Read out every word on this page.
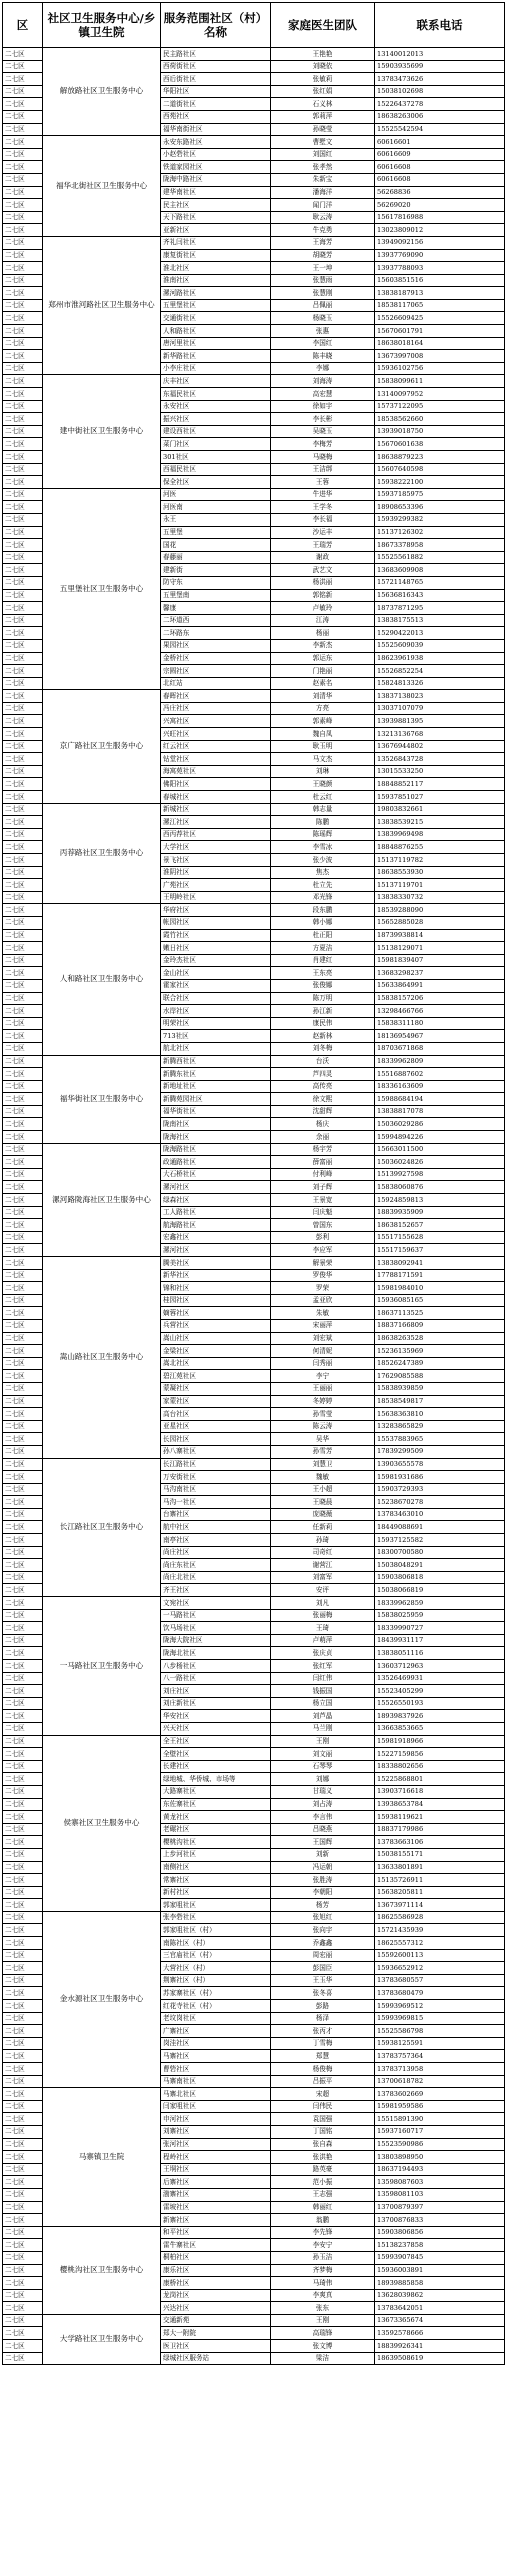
区	社区卫生服务中心/乡镇卫生院	服务范围社区（村）名称	家庭医生团队	联系电话
二七区	解放路社区卫生服务中心	民主路社区	王艳艳	13140012013
二七区		西荷街社区	刘晓依	15903935699
二七区		西后街社区	张敏莉	13783473626
二七区		华阳社区	张红娟	15038102698
二七区		二道街社区	石义林	15226437278
二七区		西苑社区	郭莉萍	18638263006
二七区		福华南街社区	孙晓莹	15525542594
二七区	福华北街社区卫生服务中心	永安东路社区	曹墅文	60616601
二七区		小赵砦社区	刘国红	60616609
二七区		铁道家园社区	张孝然	60616608
二七区		陇海中路社区	朱新宝	60616608
二七区		建华南社区	潘海洋	56268836
二七区		民主社区	闻门洋	56269020
二七区		天下路社区	耿云涛	15617816988
二七区		亚新社区	牛克勇	13023809012
二七区	郑州市淮河路社区卫生服务中心	齐礼闫社区	王海芳	13949092156
二七区		康复街社区	胡晓芳	13937769090
二七区		淮北社区	王一坤	13937788093
二七区		淮南社区	张慧雨	15603851516
二七区		漯河路社区	张慧刚	13838187913
二七区		五里堡社区	吕佩丽	18538117065
二七区		交通街社区	杨晓玉	15526609425
二七区		人和路社区	张惠	15670601791
二七区		唐河里社区	李国红	18638018164
二七区		新华路社区	陈丰晓	13673997008
二七区		小李庄社区	李娜	15936102756
二七区	建中街社区卫生服务中心	庆丰社区	刘海涛	15838099611
二七区		东福民社区	高宏慧	13140097952
二七区		永安社区	徐如宇	15737122095
二七区		振兴社区	李长彬	18538562660
二七区		建设西社区	吴晓玉	13939018750
二七区		菜门社区	李梅芳	15670601638
二七区		301社区	马晓梅	18638879223
二七区		西福民社区	王洁绑	15607640598
二七区		保全社区	王蓉	15938222100
二七区	五里堡社区卫生服务中心	河医	牛进华	15937185975
二七区		河医南	王学冬	18908653396
二七区		永王	李长福	15939299382
二七区		五里堡	沙运丰	15137126302
二七区		国花	王瑞芳	18673378958
二七区		春藤丽	谢政	15525561882
二七区		建新街	武艺文	13683609908
二七区		防守东	杨洪丽	15721148765
二七区		五里堡南	郭铭新	15636816343
二七区		馨康	卢敏玲	18737871295
二七区		二环道西	江涛	13838175513
二七区		二环路东	杨丽	15290422013
二七区		果园社区	李新杰	15525609039
二七区		金桥社区	郭运东	18623961938
二七区		宗圆社区	门艳丽	15526852254
二七区		北红站	赵素名	15824813326
二七区	京广路社区卫生服务中心	春晖社区	刘清华	13837138023
二七区		冯庄社区	方亮	13037107079
二七区		兴寓社区	郭素峰	13939881395
二七区		兴旺社区	魏自凤	13213136768
二七区		红云社区	耿玉明	13676944802
二七区		钻堂社区	马文杰	13526843728
二七区		海寓苑社区	刘琳	13015533250
二七区		佛阳社区	王晓颜	18848852117
二七区		春城社区	杜云红	15937851027
二七区	丙荐路社区卫生服务中心	新城社区	韩志量	19803832661
二七区		漯江社区	陈鹏	13838539215
二七区		西丙荐社区	陈瑶辉	13839969498
二七区		大学社区	李雪冰	18848876255
二七区		景飞社区	张少波	15137119782
二七区		淮阴社区	焦杰	18638553930
二七区		广苑社区	杜立先	15137119701
二七区		王明岭社区	邓光锋	13838330732
二七区	人和路社区卫生服务中心	华府社区	段东鹏	18539288090
二七区		帐园社区	韩小娜	15652885028
二七区		霞竹社区	杜正阳	18739938814
二七区		嫩日社区	方夏洁	15138129071
二七区		金玲杰社区	肖建红	15981839407
二七区		金山社区	王东亮	13683298237
二七区		霍家社区	张俊娜	15633864991
二七区		联合社区	陈万明	15838157206
二七区		水岸社区	孙江新	13298466766
二七区		明荣社区	康民伟	15838311180
二七区		713社区	赵新林	18136954967
二七区		航北社区	刘冬梅	18703671868
二七区	福华街社区卫生服务中心	新腾西社区	台沃	18339962809
二七区		新腾东社区	芦四灵	15516887602
二七区		新地址社区	高传亮	18336163609
二七区		新腾苑园社区	徐文熙	15988684194
二七区		福华街社区	沈甜辉	13838817078
二七区		陇南社区	杨庆	15036029286
二七区		陇海社区	余丽	15994894226
二七区	漯河路陇海社区卫生服务中心	陇海路社区	杨宇芳	15663011500
二七区		政通路社区	薛富丽	15036024826
二七区		大石桥社区	付利峰	15139927598
二七区		漯河社区	刘子辉	15838060876
二七区		绿森社区	王景宽	15924859813
二七区		工人路社区	闫庆魁	18839935909
二七区		航海路社区	曾国东	18638152657
二七区		宏鑫社区	彭利	15517155628
二七区		漯河社区	李应军	15517159637
二七区	嵩山路社区卫生服务中心	腾美社区	解景荣	13838092941
二七区		新华社区	罗俊华	17788171591
二七区		锦和社区	罗荣	15981984010
二七区		桂园社区	孟亚欣	15936085165
二七区		嫡蓉社区	朱敏	18637113525
二七区		兵营社区	宋丽萍	18837166809
二七区		嵩山社区	刘宏斌	18638263528
二七区		金梁社区	何清妮	15236135969
二七区		嵩北社区	闫秀丽	18526247389
二七区		碧江苑社区	李宁	17629085588
二七区		蒙凝社区	王丽丽	15838939859
二七区		家蒙社区	冬婷婷	18538549817
二七区		高台社区	孙雪莹	15638363810
二七区		亚星社区	陈云涛	13283865829
二七区		长园社区	吴华	15537883965
二七区		孙八寨社区	孙雪芳	17839299509
二七区	长江路社区卫生服务中心	长江路社区	刘慧卫	13903655578
二七区		万安街社区	魏敏	15981931686
二七区		马沟南社区	王小超	15903729393
二七区		马沟一社区	王晓晨	15238670278
二七区		台寨社区	庞晓薇	13783463010
二七区		航中社区	任新莉	18449088691
二七区		南亭社区	孙琦	15937125582
二七区		尚庄社区	司奇红	18300700580
二七区		尚庄东社区	谢营江	15038048291
二七区		尚庄北社区	刘富军	15903806818
二七区		齐王社区	安评	15038066819
二七区	一马路社区卫生服务中心	文宛社区	刘凡	18339962859
二七区		一马路社区	张丽梅	15838025959
二七区		饮马场社区	王琦	18339990727
二七区		陇海大院社区	卢萌萍	18439931117
二七区		陇海北社区	张庆贞	13838051116
二七区		八步杨社区	张红军	13603712963
二七区		八一路社区	闫红伟	13526469931
二七区		刘庄社区	钱振国	15523405299
二七区		刘庄新社区	杨立国	15526550193
二七区		华安社区	刘芦晶	18939837926
二七区		兴天社区	马兰刚	13663853665
二七区	侯寨社区卫生服务中心	全王社区	王刚	15981918966
二七区		全壁社区	刘文丽	15227159856
二七区		长建社区	石琴琴	18338802656
二七区		绿地城、华侨城、市场等	刘娜	15225868801
二七区		大路寨社区	甘瑞义	13903716618
二七区		东佐寨社区	刘占涛	13938653784
二七区		黄龙社区	李言伟	15938119621
二七区		老碾社区	吕晓燕	18837179986
二七区		樱桃沟社区	王国辉	13783663106
二七区		上步河社区	刘新	15038155171
二七区		南侧社区	冯运朝	13633801891
二七区		常寨社区	张胜涛	15135726911
二七区		新村社区	李朝阳	15638205811
二七区		郭家咀社区	杨芳	13673971114
二七区	金水源社区卫生服务中心	张李砦社区	张旭红	18625586928
二七区		郭家咀社区（村）	张向宇	15721435939
二七区		南陈社区（村）	乔鑫鑫	18625557312
二七区		三官庙社区（村）	周宏丽	15592600113
二七区		大营社区（村）	彭国臣	15936652912
二七区		荆寨社区（村）	王玉华	13783680557
二七区		苏家寨社区（村）	张冬喜	13783680479
二七区		红花寺社区（村）	彭路	15993969512
二七区		老坟岗社区	杨泽	15993969815
二七区		广寨社区	张丙才	15525586798
二七区		岗洼社区	丁雪梅	15938125591
二七区		马寨社区	郑慧	13783757364
二七区		曹砦社区	杨俊梅	13783713958
二七区		马寨南社区	吕振平	13700618782
二七区	马寨镇卫生院	马寨北社区	宋超	13783602669
二七区		闫家咀社区	闫伟民	15981959586
二七区		申河社区	袁国强	15515891390
二七区		刘寨社区	丁国铭	15937160717
二七区		张河社区	张自森	15523590986
二七区		程岭社区	张洪艳	13803898950
二七区		王垌社区	路英豪	18637194493
二七区		后寨社区	范小振	13598087603
二七区		渤寨社区	王志强	13598081103
二七区		雷坡社区	韩丽红	13700879397
二七区		新寨社区	翁鹏	13700876833
二七区	樱桃沟社区卫生服务中心	和平社区	李先锋	15903806856
二七区		雷牛寨社区	李安宁	15138237858
二七区		桐柏社区	孙玉洁	15993907845
二七区		康乐社区	齐梦梅	15936003891
二七区		康桥社区	马琦伟	18939885858
二七区		龙岗社区	李爽真	13628039862
二七区		兴达社区	张东	13783642051
二七区	大学路社区卫生服务中心	交通新苑	王刚	13673365674
二七区		郑大一附院	高瑞锋	13592578666
二七区		医卫社区	张文博	18839926341
二七区		绿城社区服务站	梁洁	18639508619
